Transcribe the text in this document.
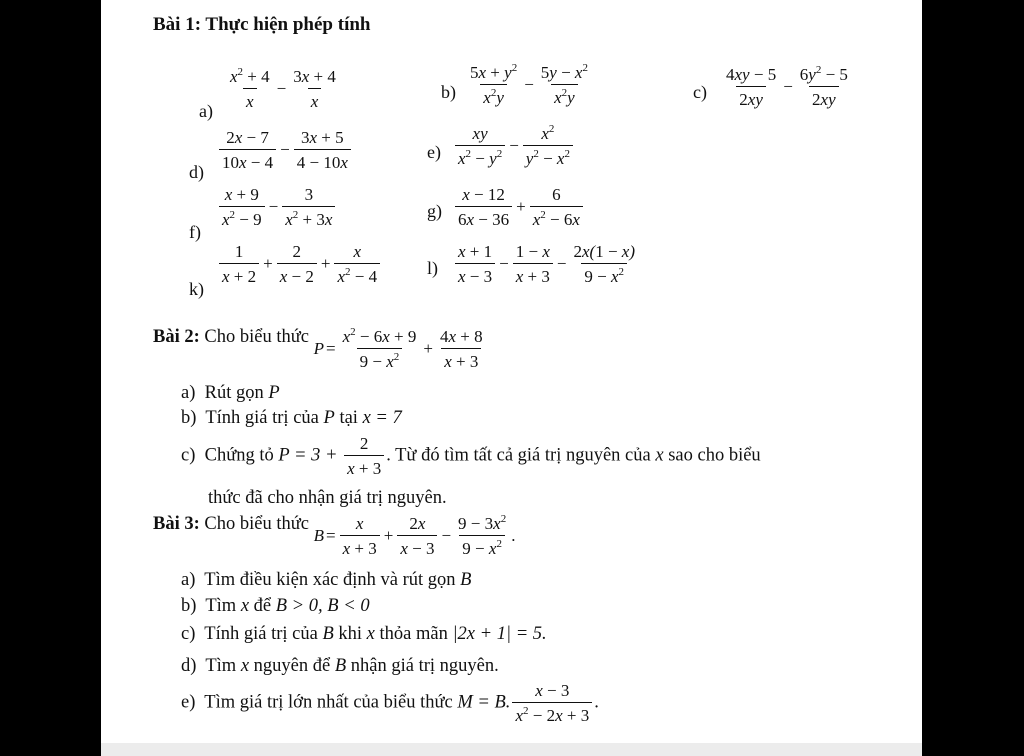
Bài 1: Thực hiện phép tính
a)
$\frac{x^2 + 4}{x} - \frac{3x + 4}{x}$	$b) \frac{5x + y^2}{x^2y} - \frac{5y - x^2}{x^2y}$	$c) \frac{4xy - 5}{2xy} - \frac{6y^2 - 5}{2xy}$
d)
$\frac{2x - 7}{10x - 4} - \frac{3x + 5}{4 - 10x}$	$e) \frac{xy}{x^2 - y^2} - \frac{x^2}{y^2 - x^2}$
f)
$\frac{x + 9}{x^2 - 9} - \frac{3}{x^2 + 3x}$	$g) \frac{x - 12}{6x - 36} + \frac{6}{x^2 - 6x}$
k)
$\frac{1}{x + 2} + \frac{2}{x - 2} + \frac{x}{x^2 - 4}$	$l) \frac{x + 1}{x - 3} - \frac{1 - x}{x + 3} - \frac{2x(1 - x)}{9 - x^2}$
Bài 2: Cho biểu thức
$P = \frac{x^2 - 6x + 9}{9 - x^2} + \frac{4x + 8}{x + 3}$
a) Rút gọn P
b) Tính giá trị của P tại x = 7
c) Chứng tỏ $P = 3 + \frac{2}{x + 3}$ . Từ đó tìm tất cả giá trị nguyên của x sao cho biểu
thức đã cho nhận giá trị nguyên.
Bài 3: Cho biểu thức
$B = \frac{x}{x + 3} + \frac{2x}{x - 3} - \frac{9 - 3x^2}{9 - x^2}$ .
a) Tìm điều kiện xác định và rút gọn B
b) Tìm x để B > 0, B < 0
c) Tính giá trị của B khi x thỏa mãn |2x + 1| = 5.
d) Tìm x nguyên để B nhận giá trị nguyên.
e) Tìm giá trị lớn nhất của biểu thức M = B. $\frac{x - 3}{x^2 - 2x + 3}$ .
